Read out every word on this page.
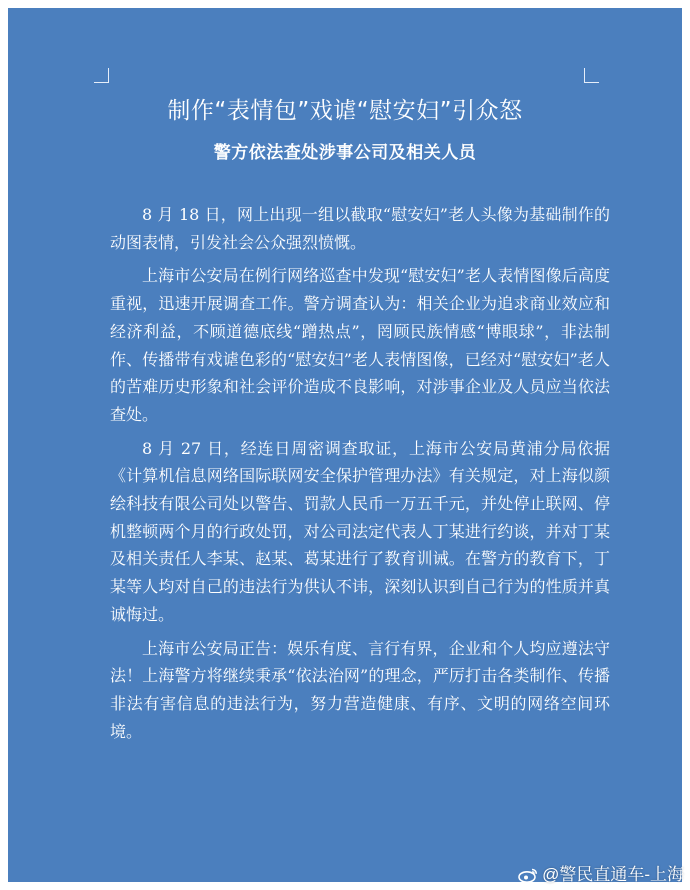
制作“表情包”戏谑“慰安妇”引众怒
警方依法查处涉事公司及相关人员

8 月 18 日，网上出现一组以截取“慰安妇”老人头像为基础制作的动图表情，引发社会公众强烈愤慨。

上海市公安局在例行网络巡查中发现“慰安妇”老人表情图像后高度重视，迅速开展调查工作。警方调查认为：相关企业为追求商业效应和经济利益，不顾道德底线“蹭热点”，罔顾民族情感“博眼球”，非法制作、传播带有戏谑色彩的“慰安妇”老人表情图像，已经对“慰安妇”老人的苦难历史形象和社会评价造成不良影响，对涉事企业及人员应当依法查处。

8 月 27 日，经连日周密调查取证，上海市公安局黄浦分局依据《计算机信息网络国际联网安全保护管理办法》有关规定，对上海似颜绘科技有限公司处以警告、罚款人民币一万五千元，并处停止联网、停机整顿两个月的行政处罚，对公司法定代表人丁某进行约谈，并对丁某及相关责任人李某、赵某、葛某进行了教育训诫。在警方的教育下，丁某等人均对自己的违法行为供认不讳，深刻认识到自己行为的性质并真诚悔过。

上海市公安局正告：娱乐有度、言行有界，企业和个人均应遵法守法！上海警方将继续秉承“依法治网”的理念，严厉打击各类制作、传播非法有害信息的违法行为，努力营造健康、有序、文明的网络空间环境。

@警民直通车-上海
